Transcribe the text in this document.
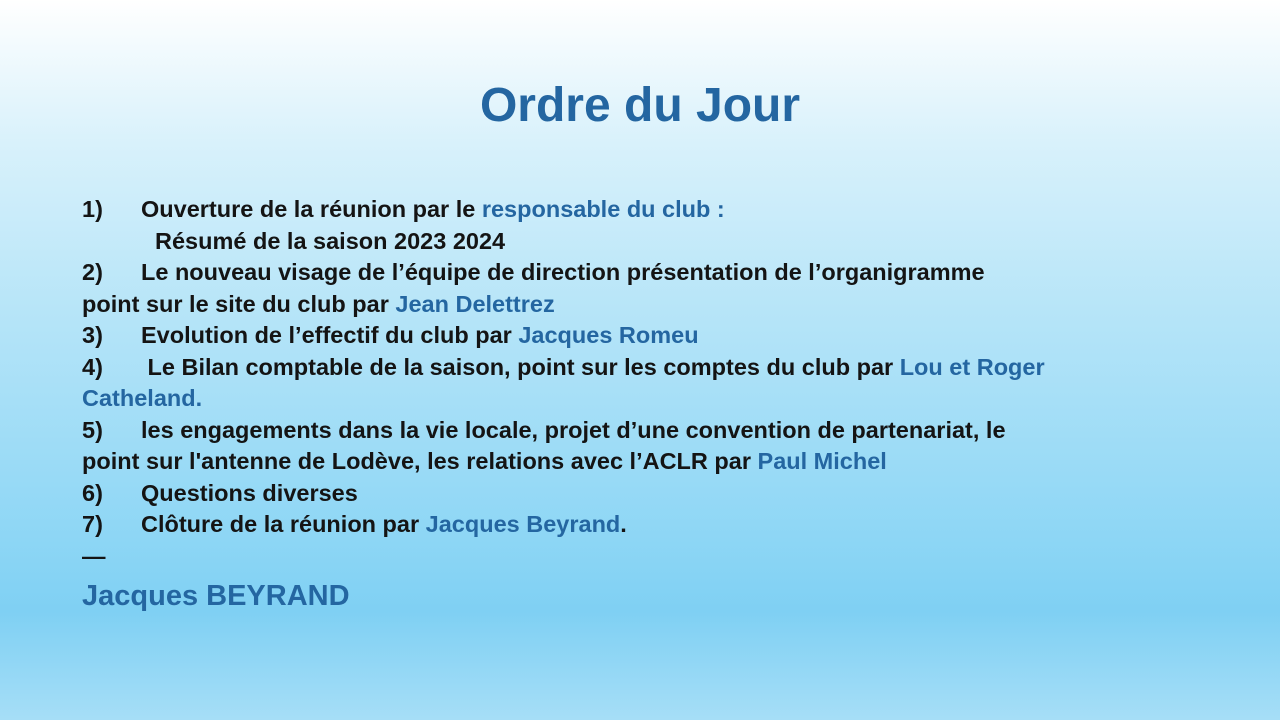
Ordre du Jour
1) Ouverture de la réunion par le responsable du club :
Résumé de la saison 2023 2024
2) Le nouveau visage de l’équipe de direction présentation de l’organigramme
point sur le site du club par Jean Delettrez
3) Evolution de l’effectif du club par Jacques Romeu
4) Le Bilan comptable de la saison, point sur les comptes du club par Lou et Roger
Catheland.
5) les engagements dans la vie locale, projet d’une convention de partenariat, le
point sur l'antenne de Lodève, les relations avec l’ACLR par Paul Michel
6) Questions diverses
7) Clôture de la réunion par Jacques Beyrand.
—
Jacques BEYRAND
